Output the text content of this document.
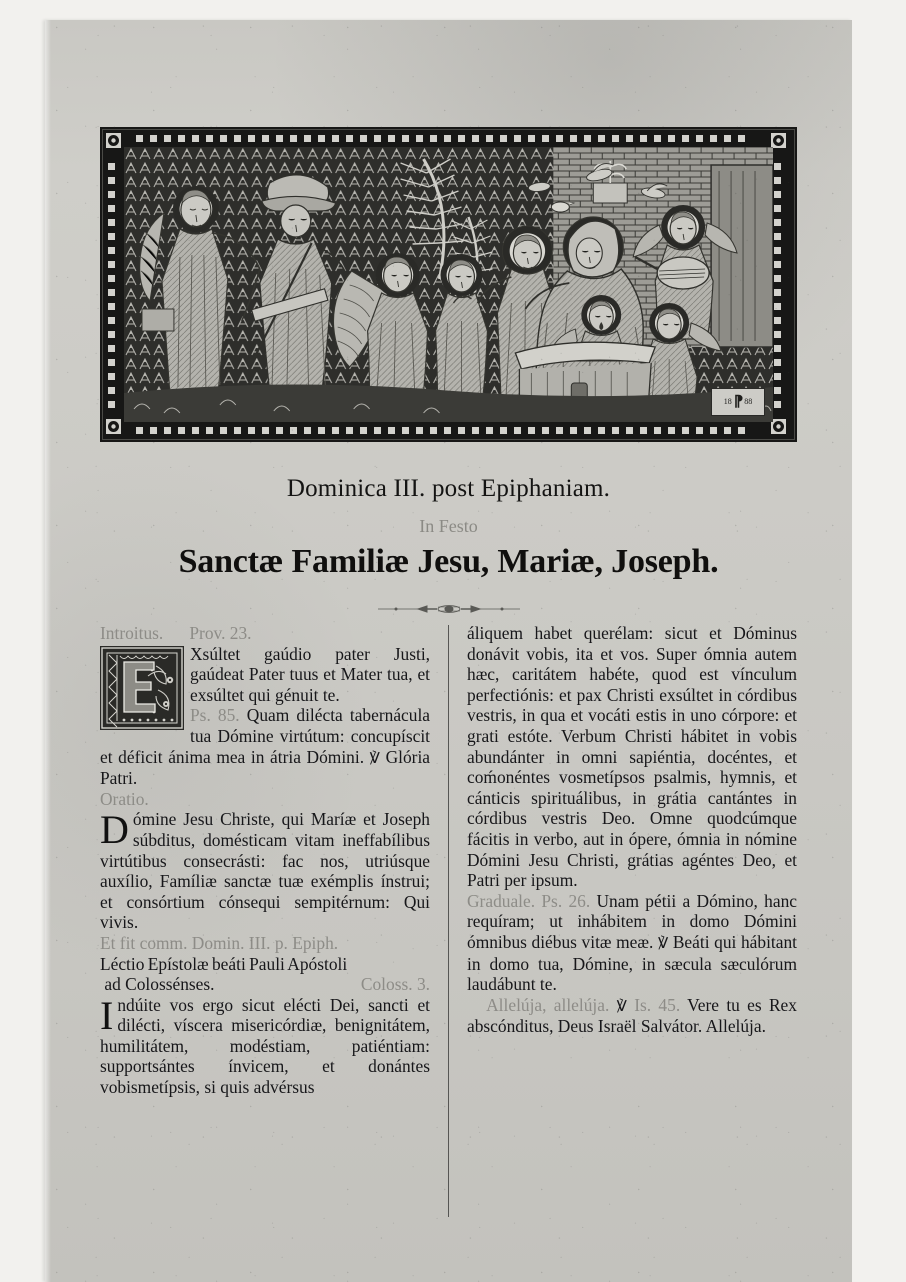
18 ⁋ 88
Dominica III. post Epiphaniam.
In Festo
Sanctæ Familiæ Jesu, Mariæ, Joseph.

Introitus. Prov. 23.

Xsúltet gaúdio pater Justi, gaúdeat Pater tuus et Mater tua, et exsúltet qui génuit te.

Ps. 85. Quam dilécta tabernácula tua Dómine virtútum: concupíscit et déficit ánima mea in átria Dómini. ℣ Glória Patri.

Oratio.

Dómine Jesu Christe, qui Maríæ et Joseph súbditus, domésticam vitam ineffabílibus virtútibus consecrásti: fac nos, utriúsque auxílio, Famíliæ sanctæ tuæ exémplis ínstrui; et consórtium cónsequi sempitérnum: Qui vivis.

Et fit comm. Domin. III. p. Epiph.

Léctio Epístolæ beáti Pauli Apóstoli

ad Colossénses.	Coloss. 3.

Indúite vos ergo sicut elécti Dei, sancti et dilécti, víscera misericórdiæ, benignitátem, humilitátem, modéstiam, patiéntiam: supportsántes ínvicem, et donántes vobismetípsis, si quis advérsus

áliquem habet querélam: sicut et Dóminus donávit vobis, ita et vos. Super ómnia autem hæc, caritátem habéte, quod est vínculum perfectiónis: et pax Christi exsúltet in córdibus vestris, in qua et vocáti estis in uno córpore: et grati estóte. Verbum Christi hábitet in vobis abundánter in omni sapiéntia, docéntes, et coḿonéntes vosmetípsos psalmis, hymnis, et cánticis spirituálibus, in grátia cantántes in córdibus vestris Deo. Omne quodcúmque fácitis in verbo, aut in ópere, ómnia in nómine Dómini Jesu Christi, grátias agéntes Deo, et Patri per ipsum.

Graduale. Ps. 26. Unam pétii a Dómino, hanc requíram; ut inhábitem in domo Dómini ómnibus diébus vitæ meæ. ℣ Beáti qui hábitant in domo tua, Dómine, in sæcula sæculórum laudábunt te.

Allelúja, allelúja. ℣ Is. 45. Vere tu es Rex abscónditus, Deus Israël Salvátor. Allelúja.
